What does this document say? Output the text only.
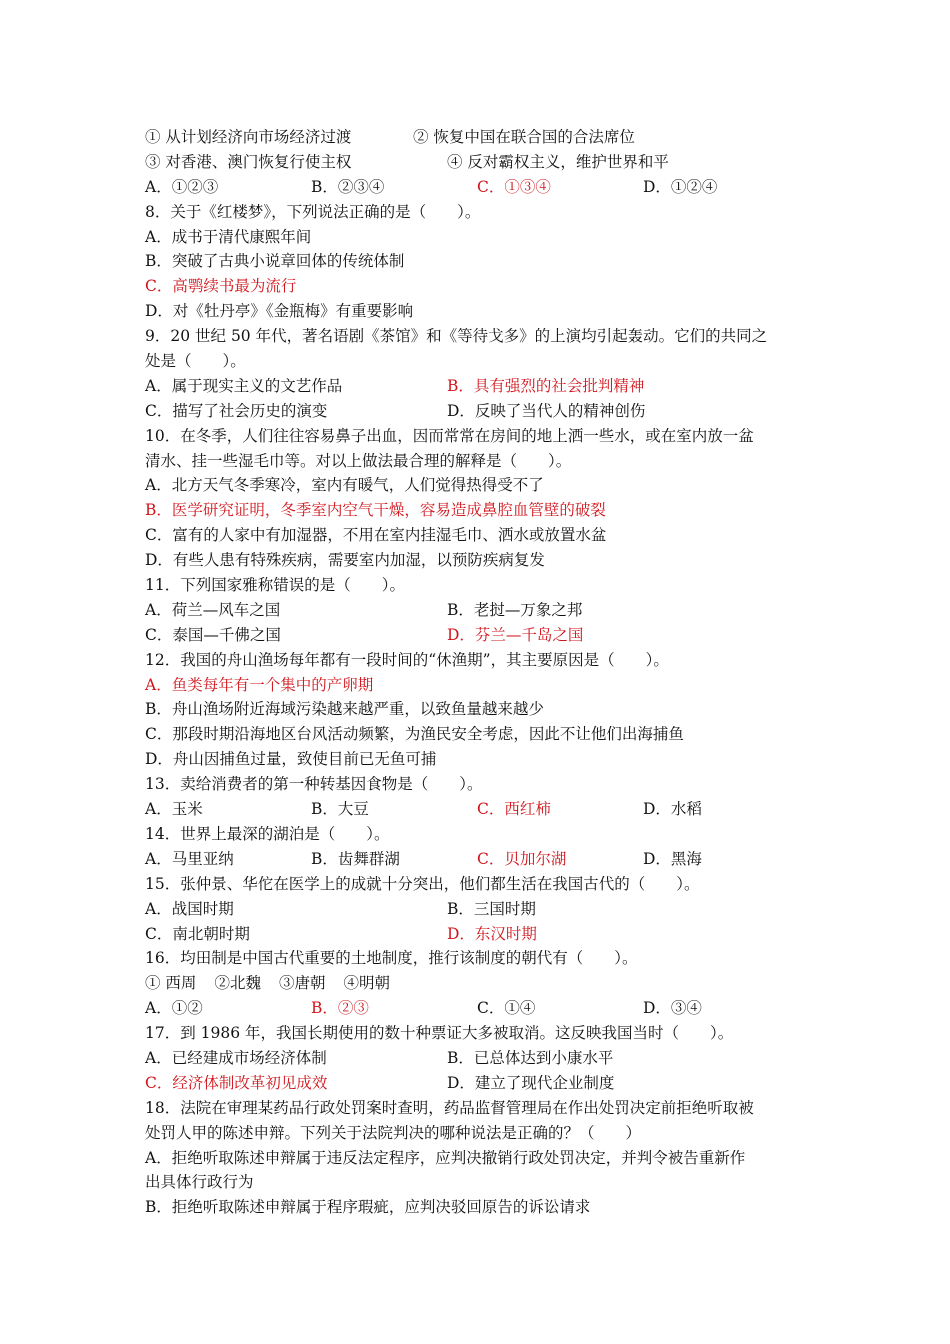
① 从计划经济向市场经济过渡	② 恢复中国在联合国的合法席位
③ 对香港、澳门恢复行使主权	④ 反对霸权主义，维护世界和平
A．①②③	B．②③④	C．①③④	D．①②④
8．关于《红楼梦》，下列说法正确的是（　　）。
A．成书于清代康熙年间
B．突破了古典小说章回体的传统体制
C．高鹗续书最为流行
D．对《牡丹亭》《金瓶梅》有重要影响
9．20 世纪 50 年代，著名语剧《茶馆》和《等待戈多》的上演均引起轰动。它们的共同之
处是（　　）。
A．属于现实主义的文艺作品	B．具有强烈的社会批判精神
C．描写了社会历史的演变	D．反映了当代人的精神创伤
10．在冬季，人们往往容易鼻子出血，因而常常在房间的地上洒一些水，或在室内放一盆
清水、挂一些湿毛巾等。对以上做法最合理的解释是（　　）。
A．北方天气冬季寒冷，室内有暖气，人们觉得热得受不了
B．医学研究证明，冬季室内空气干燥，容易造成鼻腔血管壁的破裂
C．富有的人家中有加湿器，不用在室内挂湿毛巾、洒水或放置水盆
D．有些人患有特殊疾病，需要室内加湿，以预防疾病复发
11．下列国家雅称错误的是（　　）。
A．荷兰—风车之国	B．老挝—万象之邦
C．泰国—千佛之国	D．芬兰—千岛之国
12．我国的舟山渔场每年都有一段时间的“休渔期”，其主要原因是（　　）。
A．鱼类每年有一个集中的产卵期
B．舟山渔场附近海域污染越来越严重，以致鱼量越来越少
C．那段时期沿海地区台风活动频繁，为渔民安全考虑，因此不让他们出海捕鱼
D．舟山因捕鱼过量，致使目前已无鱼可捕
13．卖给消费者的第一种转基因食物是（　　）。
A．玉米	B．大豆	C．西红柿	D．水稻
14．世界上最深的湖泊是（　　）。
A．马里亚纳	B．齿舞群湖	C．贝加尔湖	D．黑海
15．张仲景、华佗在医学上的成就十分突出，他们都生活在我国古代的（　　）。
A．战国时期	B．三国时期
C．南北朝时期	D．东汉时期
16．均田制是中国古代重要的土地制度，推行该制度的朝代有（　　）。
① 西周 ②北魏 ③唐朝 ④明朝
A．①②	B．②③	C．①④	D．③④
17．到 1986 年，我国长期使用的数十种票证大多被取消。这反映我国当时（　　）。
A．已经建成市场经济体制	B．已总体达到小康水平
C．经济体制改革初见成效	D．建立了现代企业制度
18．法院在审理某药品行政处罚案时查明，药品监督管理局在作出处罚决定前拒绝听取被
处罚人甲的陈述申辩。下列关于法院判决的哪种说法是正确的？（　　）
A．拒绝听取陈述申辩属于违反法定程序，应判决撤销行政处罚决定，并判令被告重新作
出具体行政行为
B．拒绝听取陈述申辩属于程序瑕疵，应判决驳回原告的诉讼请求
